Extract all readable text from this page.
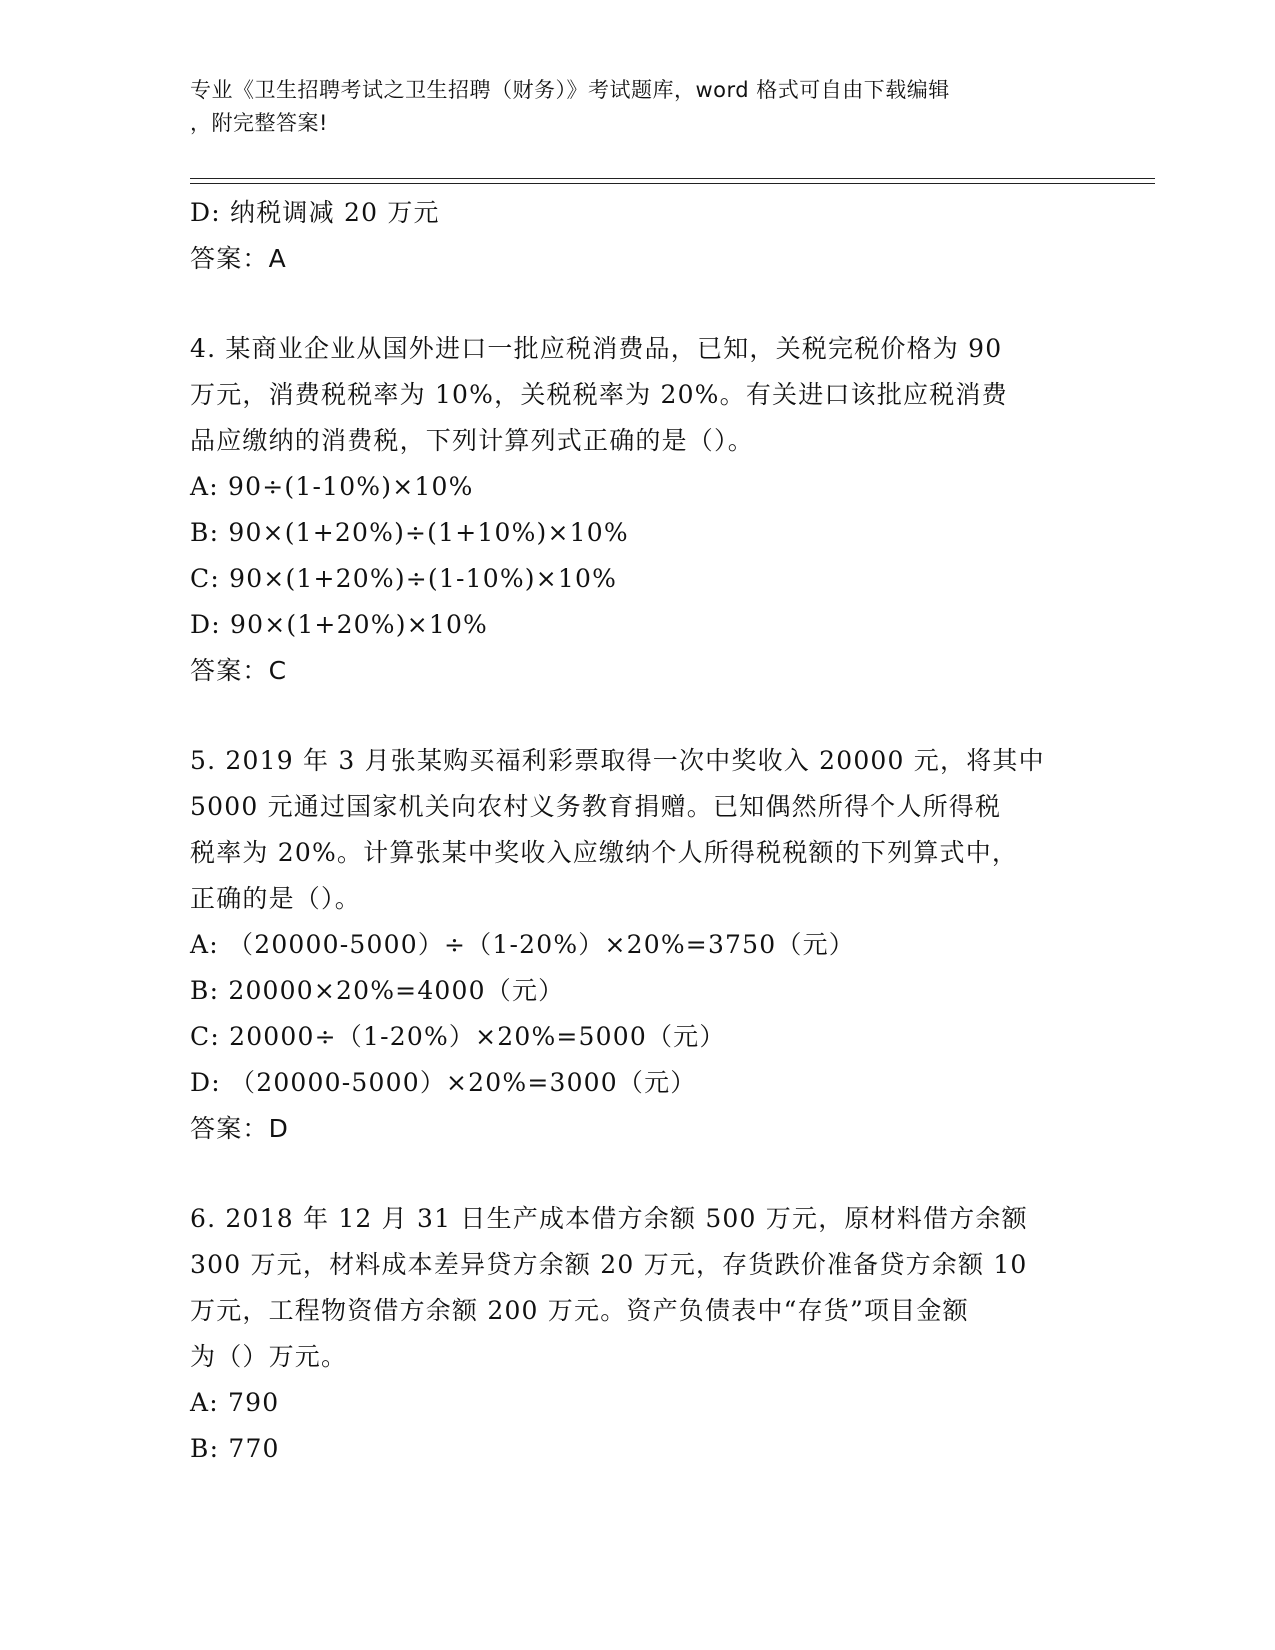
专业《卫生招聘考试之卫生招聘（财务）》考试题库，word 格式可自由下载编辑
，附完整答案!
D: 纳税调减 20 万元
答案：A
4. 某商业企业从国外进口一批应税消费品，已知，关税完税价格为 90
万元，消费税税率为 10%，关税税率为 20%。有关进口该批应税消费
品应缴纳的消费税，下列计算列式正确的是（）。
A: 90÷(1-10%)×10%
B: 90×(1+20%)÷(1+10%)×10%
C: 90×(1+20%)÷(1-10%)×10%
D: 90×(1+20%)×10%
答案：C
5. 2019 年 3 月张某购买福利彩票取得一次中奖收入 20000 元，将其中
5000 元通过国家机关向农村义务教育捐赠。已知偶然所得个人所得税
税率为 20%。计算张某中奖收入应缴纳个人所得税税额的下列算式中，
正确的是（）。
A: （20000-5000）÷（1-20%）×20%=3750（元）
B: 20000×20%=4000（元）
C: 20000÷（1-20%）×20%=5000（元）
D: （20000-5000）×20%=3000（元）
答案：D
6. 2018 年 12 月 31 日生产成本借方余额 500 万元，原材料借方余额
300 万元，材料成本差异贷方余额 20 万元，存货跌价准备贷方余额 10
万元，工程物资借方余额 200 万元。资产负债表中“存货”项目金额
为（）万元。
A: 790
B: 770
